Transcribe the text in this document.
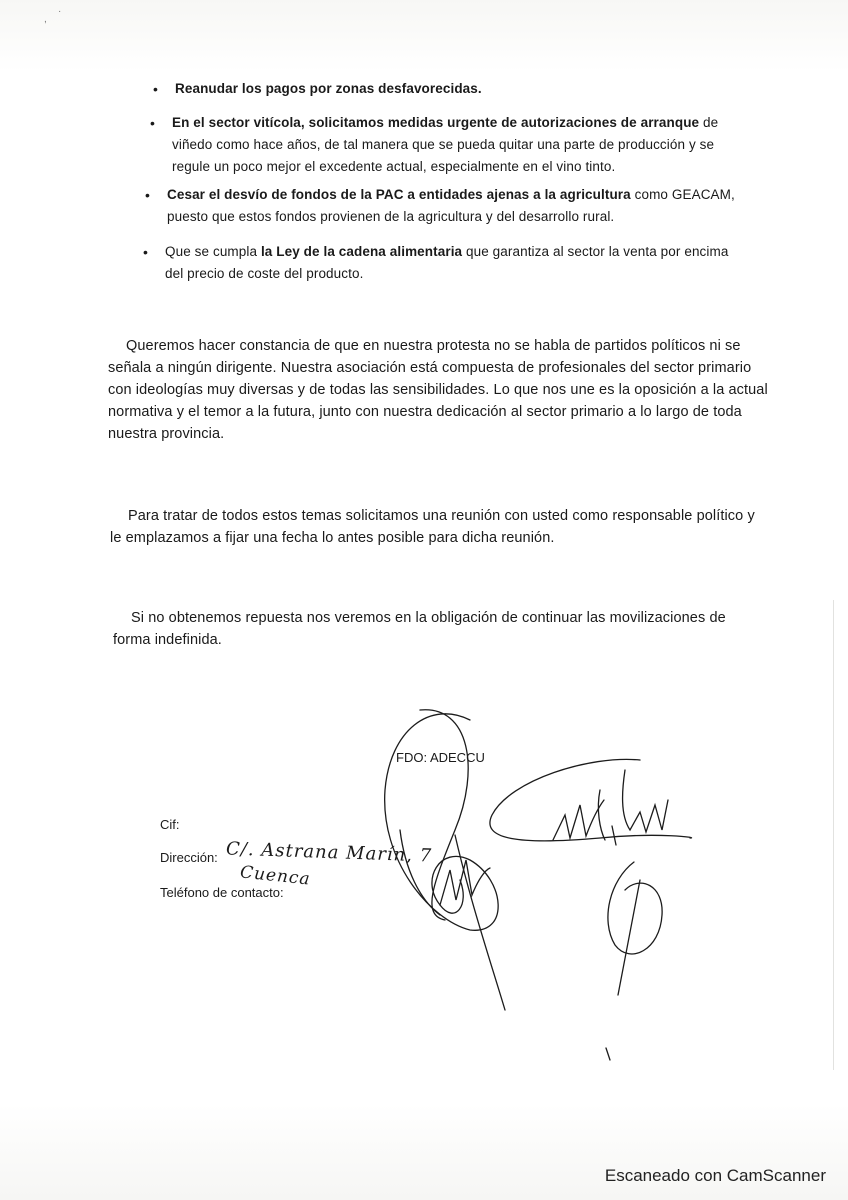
,
·
• Reanudar los pagos por zonas desfavorecidas.
• En el sector vitícola, solicitamos medidas urgente de autorizaciones de arranque de
viñedo como hace años, de tal manera que se pueda quitar una parte de producción y se
regule un poco mejor el excedente actual, especialmente en el vino tinto.
• Cesar el desvío de fondos de la PAC a entidades ajenas a la agricultura como GEACAM,
puesto que estos fondos provienen de la agricultura y del desarrollo rural.
• Que se cumpla la Ley de la cadena alimentaria que garantiza al sector la venta por encima
del precio de coste del producto.
Queremos hacer constancia de que en nuestra protesta no se habla de partidos políticos ni se
señala a ningún dirigente. Nuestra asociación está compuesta de profesionales del sector primario
con ideologías muy diversas y de todas las sensibilidades. Lo que nos une es la oposición a la actual
normativa y el temor a la futura, junto con nuestra dedicación al sector primario a lo largo de toda
nuestra provincia.
Para tratar de todos estos temas solicitamos una reunión con usted como responsable político y
le emplazamos a fijar una fecha lo antes posible para dicha reunión.
Si no obtenemos repuesta nos veremos en la obligación de continuar las movilizaciones de
forma indefinida.
FDO: ADECCU
Cif:
Dirección:
Teléfono de contacto:
C/. Astrana Marín, 7
Cuenca
Escaneado con CamScanner
